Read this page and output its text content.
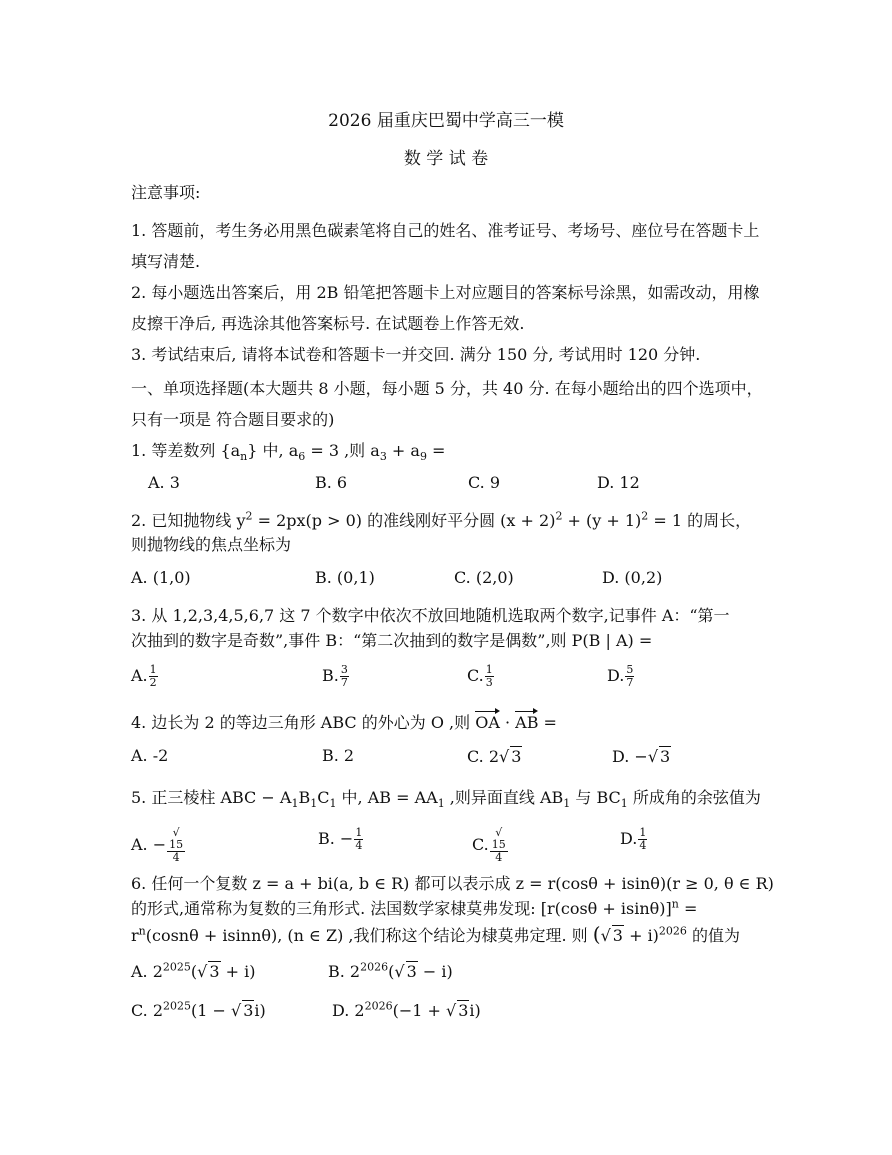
2026 届重庆巴蜀中学高三一模
数 学 试 卷
注意事项:
1. 答题前，考生务必用黑色碳素笔将自己的姓名、准考证号、考场号、座位号在答题卡上填写清楚.
2. 每小题选出答案后，用 2B 铅笔把答题卡上对应题目的答案标号涂黑，如需改动，用橡皮擦干净后, 再选涂其他答案标号. 在试题卷上作答无效.
3. 考试结束后, 请将本试卷和答题卡一并交回. 满分 150 分, 考试用时 120 分钟.
一、单项选择题(本大题共 8 小题，每小题 5 分，共 40 分. 在每小题给出的四个选项中，只有一项是 符合题目要求的)
1. 等差数列 $\{a_n\}$ 中, $a_6 = 3$ ,则 $a_3 + a_9$ =
A. 3	B. 6	C. 9	D. 12
2. 已知抛物线 $y^2 = 2px(p > 0)$ 的准线刚好平分圆 $(x + 2)^2 + (y + 1)^2 = 1$ 的周长，
则抛物线的焦点坐标为
A. (1,0)	B. (0,1)	C. (2,0)	D. (0,2)
3. 从 1,2,3,4,5,6,7 这 7 个数字中依次不放回地随机选取两个数字,记事件 A：“第一
次抽到的数字是奇数”,事件 B：“第二次抽到的数字是偶数”,则 P(B | A) =
A. $\frac{1}{2}$	B. $\frac{3}{7}$	C. $\frac{1}{3}$	D. $\frac{5}{7}$
4. 边长为 2 的等边三角形 ABC 的外心为 O ,则 OA · AB =
A. -2	B. 2	C. 2√ 3	D. −√ 3
5. 正三棱柱 ABC − $A_1B_1C_1$ 中, AB = $AA_1$ ,则异面直线 $AB_1$ 与 $BC_1$ 所成角的余弦值为
A. − √
15
4	B. − $\frac{1}{4}$	C. √
15
4	D. $\frac{1}{4}$
6. 任何一个复数 z = a + bi(a, b ∈ R) 都可以表示成 z = r(cosθ + isinθ)(r ≥ 0, θ ∈ R)
的形式,通常称为复数的三角形式. 法国数学家棣莫弗发现: $[r(\cos\theta + isin\theta)]^n$ =
$r^n(\cos n\theta + isinn\theta)$, (n ∈ Z) ,我们称这个结论为棣莫弗定理. 则 (√ 3 + i)$^{2026}$ 的值为
A. $2^{2025}(√$ 3 + i)	B. $2^{2026}(√$ 3 − i)
C. $2^{2025}(1$ − √ 3i)	D. $2^{2026}(-1$ + √ 3i)
